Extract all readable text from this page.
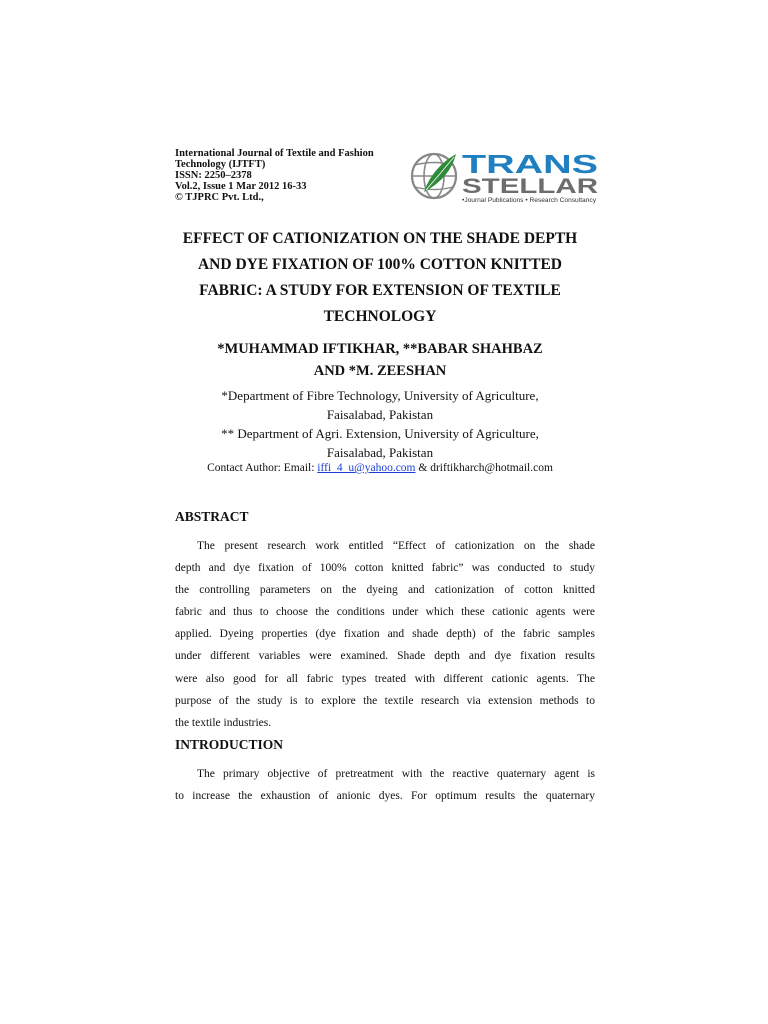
International Journal of Textile and Fashion
Technology (IJTFT)
ISSN: 2250–2378
Vol.2, Issue 1 Mar 2012 16-33
© TJPRC Pvt. Ltd.,
TRANS
STELLAR
•Journal Publications • Research Consultancy
EFFECT OF CATIONIZATION ON THE SHADE DEPTH
AND DYE FIXATION OF 100% COTTON KNITTED
FABRIC: A STUDY FOR EXTENSION OF TEXTILE
TECHNOLOGY
*MUHAMMAD IFTIKHAR, **BABAR SHAHBAZ
AND *M. ZEESHAN
*Department of Fibre Technology, University of Agriculture,
Faisalabad, Pakistan
** Department of Agri. Extension, University of Agriculture,
Faisalabad, Pakistan
Contact Author: Email: iffi_4_u@yahoo.com & driftikharch@hotmail.com
ABSTRACT
The present research work entitled “Effect of cationization on the shade
depth and dye fixation of 100% cotton knitted fabric” was conducted to study
the controlling parameters on the dyeing and cationization of cotton knitted
fabric and thus to choose the conditions under which these cationic agents were
applied. Dyeing properties (dye fixation and shade depth) of the fabric samples
under different variables were examined. Shade depth and dye fixation results
were also good for all fabric types treated with different cationic agents. The
purpose of the study is to explore the textile research via extension methods to
the textile industries.
INTRODUCTION
The primary objective of pretreatment with the reactive quaternary agent is
to increase the exhaustion of anionic dyes. For optimum results the quaternary
